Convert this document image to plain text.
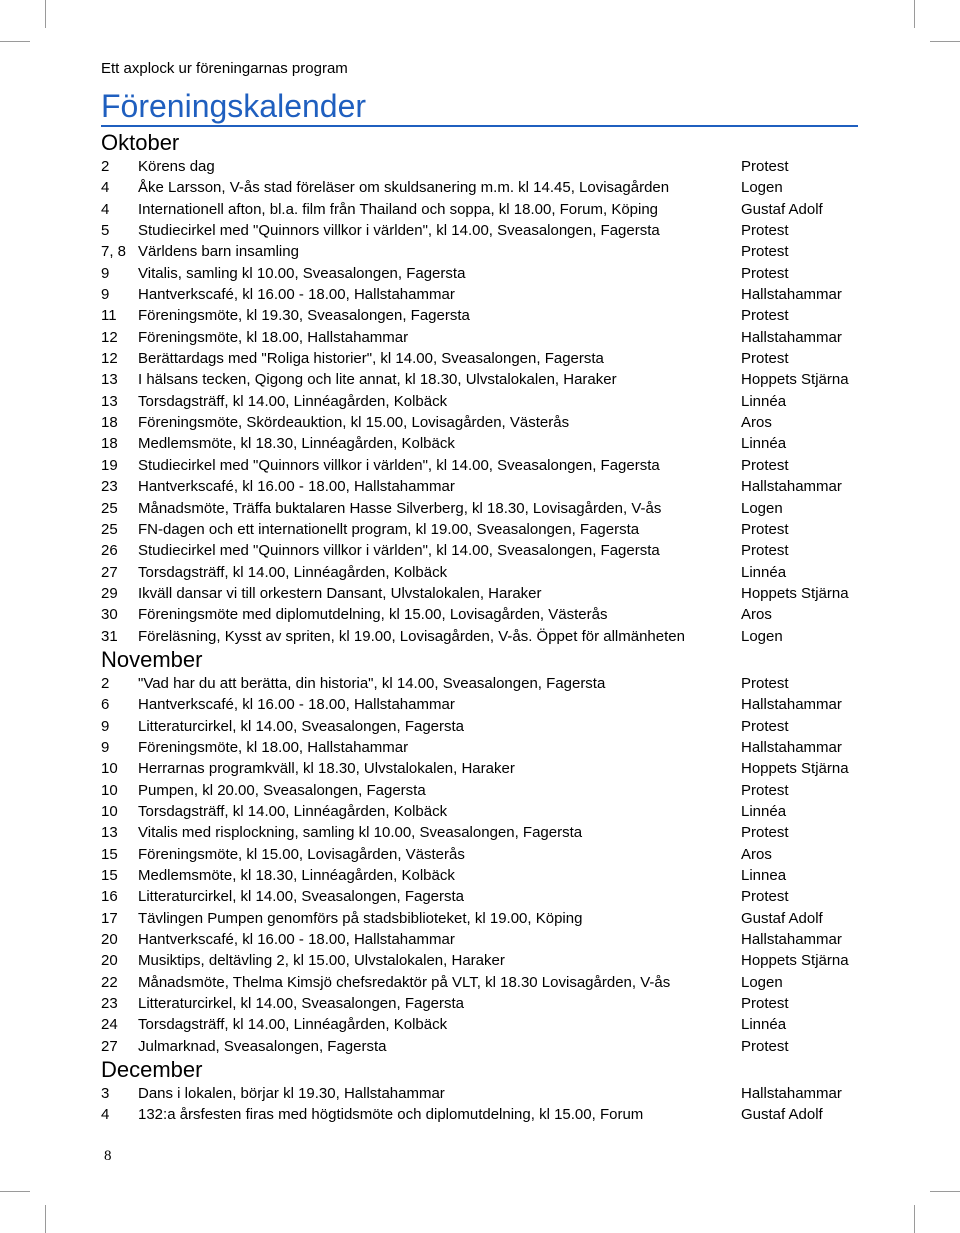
Ett axplock ur föreningarnas program
Föreningskalender
Oktober
2 Körens dag	Protest
4 Åke Larsson, V-ås stad föreläser om skuldsanering m.m. kl 14.45, Lovisagården	Logen
4 Internationell afton, bl.a. film från Thailand och soppa, kl 18.00, Forum, Köping	Gustaf Adolf
5 Studiecirkel med "Quinnors villkor i världen", kl 14.00, Sveasalongen, Fagersta	Protest
7, 8 Världens barn insamling	Protest
9 Vitalis, samling kl 10.00, Sveasalongen, Fagersta	Protest
9 Hantverkscafé, kl 16.00 - 18.00, Hallstahammar	Hallstahammar
11 Föreningsmöte, kl 19.30, Sveasalongen, Fagersta	Protest
12 Föreningsmöte, kl 18.00, Hallstahammar	Hallstahammar
12 Berättardags med "Roliga historier", kl 14.00, Sveasalongen, Fagersta	Protest
13 I hälsans tecken, Qigong och lite annat, kl 18.30, Ulvstalokalen, Haraker	Hoppets Stjärna
13 Torsdagsträff, kl 14.00, Linnéagården, Kolbäck	Linnéa
18 Föreningsmöte, Skördeauktion, kl 15.00, Lovisagården, Västerås	Aros
18 Medlemsmöte, kl 18.30, Linnéagården, Kolbäck	Linnéa
19 Studiecirkel med "Quinnors villkor i världen", kl 14.00, Sveasalongen, Fagersta	Protest
23 Hantverkscafé, kl 16.00 - 18.00, Hallstahammar	Hallstahammar
25 Månadsmöte, Träffa buktalaren Hasse Silverberg, kl 18.30, Lovisagården, V-ås	Logen
25 FN-dagen och ett internationellt program, kl 19.00, Sveasalongen, Fagersta	Protest
26 Studiecirkel med "Quinnors villkor i världen", kl 14.00, Sveasalongen, Fagersta	Protest
27 Torsdagsträff, kl 14.00, Linnéagården, Kolbäck	Linnéa
29 Ikväll dansar vi till orkestern Dansant, Ulvstalokalen, Haraker	Hoppets Stjärna
30 Föreningsmöte med diplomutdelning, kl 15.00, Lovisagården, Västerås	Aros
31 Föreläsning, Kysst av spriten, kl 19.00, Lovisagården, V-ås. Öppet för allmänheten	Logen
November
2 "Vad har du att berätta, din historia", kl 14.00, Sveasalongen, Fagersta	Protest
6 Hantverkscafé, kl 16.00 - 18.00, Hallstahammar	Hallstahammar
9 Litteraturcirkel, kl 14.00, Sveasalongen, Fagersta	Protest
9 Föreningsmöte, kl 18.00, Hallstahammar	Hallstahammar
10 Herrarnas programkväll, kl 18.30, Ulvstalokalen, Haraker	Hoppets Stjärna
10 Pumpen, kl 20.00, Sveasalongen, Fagersta	Protest
10 Torsdagsträff, kl 14.00, Linnéagården, Kolbäck	Linnéa
13 Vitalis med risplockning, samling kl 10.00, Sveasalongen, Fagersta	Protest
15 Föreningsmöte, kl 15.00, Lovisagården, Västerås	Aros
15 Medlemsmöte, kl 18.30, Linnéagården, Kolbäck	Linnea
16 Litteraturcirkel, kl 14.00, Sveasalongen, Fagersta	Protest
17 Tävlingen Pumpen genomförs på stadsbiblioteket, kl 19.00, Köping	Gustaf Adolf
20 Hantverkscafé, kl 16.00 - 18.00, Hallstahammar	Hallstahammar
20 Musiktips, deltävling 2, kl 15.00, Ulvstalokalen, Haraker	Hoppets Stjärna
22 Månadsmöte, Thelma Kimsjö chefsredaktör på VLT, kl 18.30 Lovisagården, V-ås	Logen
23 Litteraturcirkel, kl 14.00, Sveasalongen, Fagersta	Protest
24 Torsdagsträff, kl 14.00, Linnéagården, Kolbäck	Linnéa
27 Julmarknad, Sveasalongen, Fagersta	Protest
December
3 Dans i lokalen, börjar kl 19.30, Hallstahammar	Hallstahammar
4 132:a årsfesten firas med högtidsmöte och diplomutdelning, kl 15.00, Forum	Gustaf Adolf
8
